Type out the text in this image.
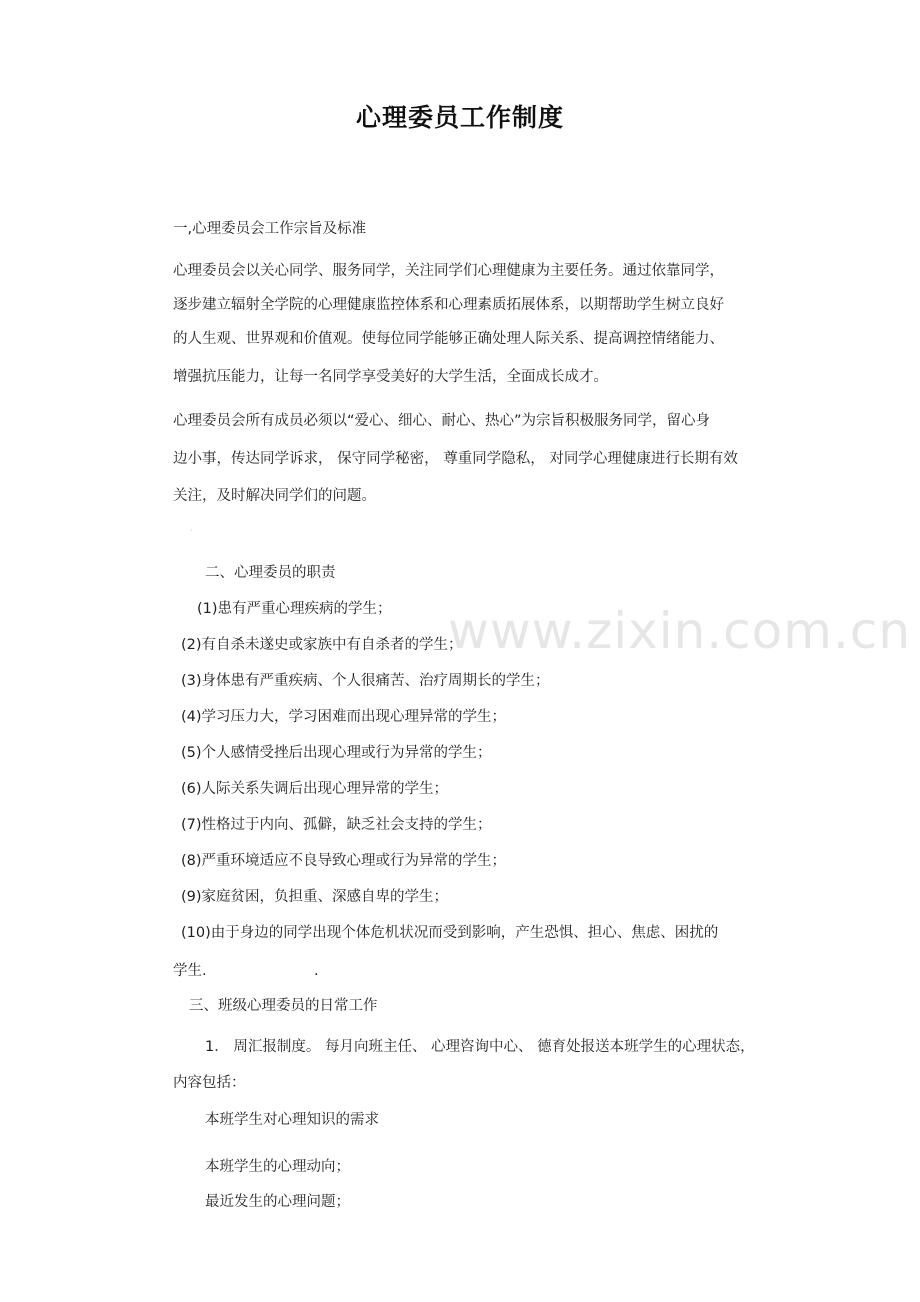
www.zixin.com.cn
心理委员工作制度
一,心理委员会工作宗旨及标准
心理委员会以关心同学、服务同学，关注同学们心理健康为主要任务。通过依靠同学，
逐步建立辐射全学院的心理健康监控体系和心理素质拓展体系，以期帮助学生树立良好
的人生观、世界观和价值观。使每位同学能够正确处理人际关系、提高调控情绪能力、
增强抗压能力，让每一名同学享受美好的大学生活，全面成长成才。
心理委员会所有成员必须以“爱心、细心、耐心、热心”为宗旨积极服务同学，留心身
边小事，传达同学诉求， 保守同学秘密， 尊重同学隐私， 对同学心理健康进行长期有效
关注，及时解决同学们的问题。
·
二、心理委员的职责
(1)患有严重心理疾病的学生；
(2)有自杀未遂史或家族中有自杀者的学生；
(3)身体患有严重疾病、个人很痛苦、治疗周期长的学生；
(4)学习压力大，学习困难而出现心理异常的学生；
(5)个人感情受挫后出现心理或行为异常的学生；
(6)人际关系失调后出现心理异常的学生；
(7)性格过于内向、孤僻，缺乏社会支持的学生；
(8)严重环境适应不良导致心理或行为异常的学生；
(9)家庭贫困，负担重、深感自卑的学生；
(10)由于身边的同学出现个体危机状况而受到影响，产生恐惧、担心、焦虑、困扰的
学生.	.
三、班级心理委员的日常工作
1． 周汇报制度。 每月向班主任、 心理咨询中心、 德育处报送本班学生的心理状态，
内容包括：
本班学生对心理知识的需求
本班学生的心理动向；
最近发生的心理问题；
